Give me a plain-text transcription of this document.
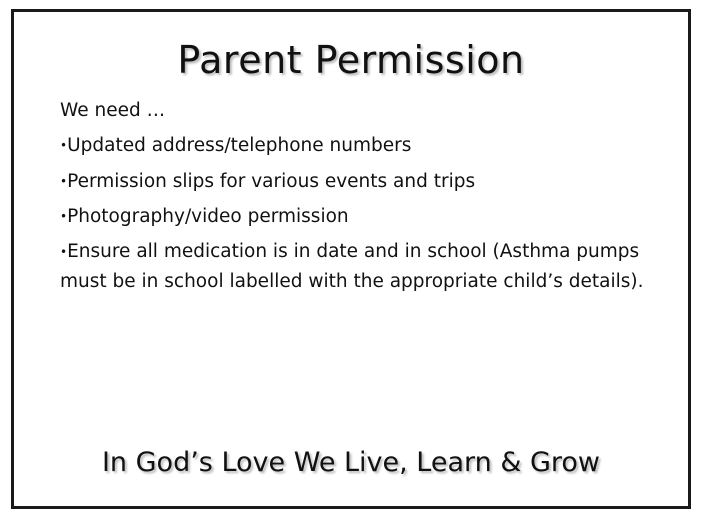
Parent Permission

We need …

•Updated address/telephone numbers
•Permission slips for various events and trips
•Photography/video permission
•Ensure all medication is in date and in school (Asthma pumps must be in school labelled with the appropriate child’s details).

In God’s Love We Live, Learn & Grow
